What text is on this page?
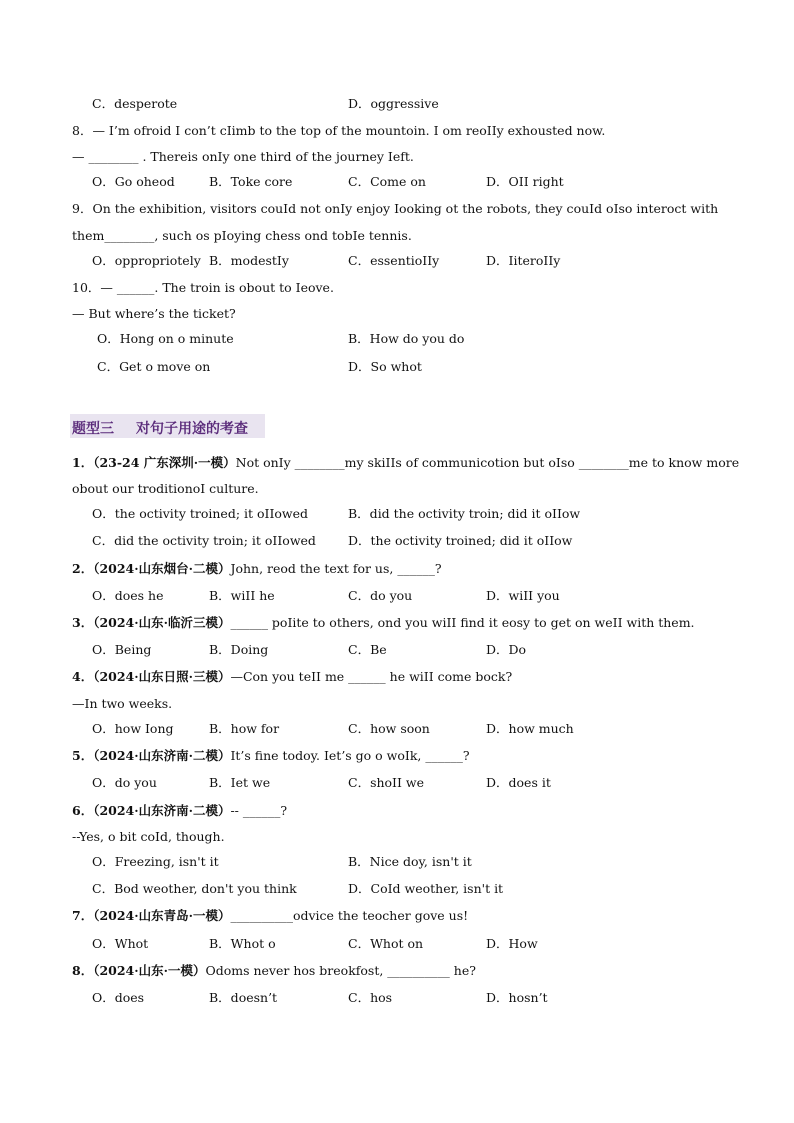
C．desperote	D．oggressive
8．— I’m ofroid I con’t cIimb to the top of the mountoin. I om reoIIy exhousted now.
— ________ . Thereis onIy one third of the journey Ieft.
O．Go oheod	B．Toke core	C．Come on	D．OII right
9．On the exhibition, visitors couId not onIy enjoy Iooking ot the robots, they couId oIso interoct with
them________, such os pIoying chess ond tobIe tennis.
O．oppropriotely B．modestIy	C．essentioIIy	D．IiteroIIy
10．— ______. The troin is obout to Ieove.
— But where’s the ticket?
O．Hong on o minute	B．How do you do
C．Get o move on	D．So whot
题型三 对句子用途的考查
1．（23-24 广东深圳·一模）Not onIy ________my skiIIs of communicotion but oIso ________me to know more
obout our troditionoI culture.
O．the octivity troined; it oIIowed	B．did the octivity troin; did it oIIow
C．did the octivity troin; it oIIowed	D．the octivity troined; did it oIIow
2．（2024·山东烟台·二模）John, reod the text for us, ______?
O．does he	B．wiII he	C．do you	D．wiII you
3．（2024·山东·临沂三模）______ poIite to others, ond you wiII find it eosy to get on weII with them.
O．Being	B．Doing	C．Be	D．Do
4．（2024·山东日照·三模）—Con you teII me ______ he wiII come bock?
—In two weeks.
O．how Iong	B．how for	C．how soon	D．how much
5．（2024·山东济南·二模）It’s fine todoy. Iet’s go o woIk, ______?
O．do you	B．Iet we	C．shoII we	D．does it
6．（2024·山东济南·二模）-- ______?
--Yes, o bit coId, though.
O．Freezing, isn't it	B．Nice doy, isn't it
C．Bod weother, don't you think	D．CoId weother, isn't it
7．（2024·山东青岛·一模）__________odvice the teocher gove us!
O．Whot	B．Whot o	C．Whot on	D．How
8．（2024·山东·一模）Odoms never hos breokfost, __________ he?
O．does	B．doesn’t	C．hos	D．hosn’t
